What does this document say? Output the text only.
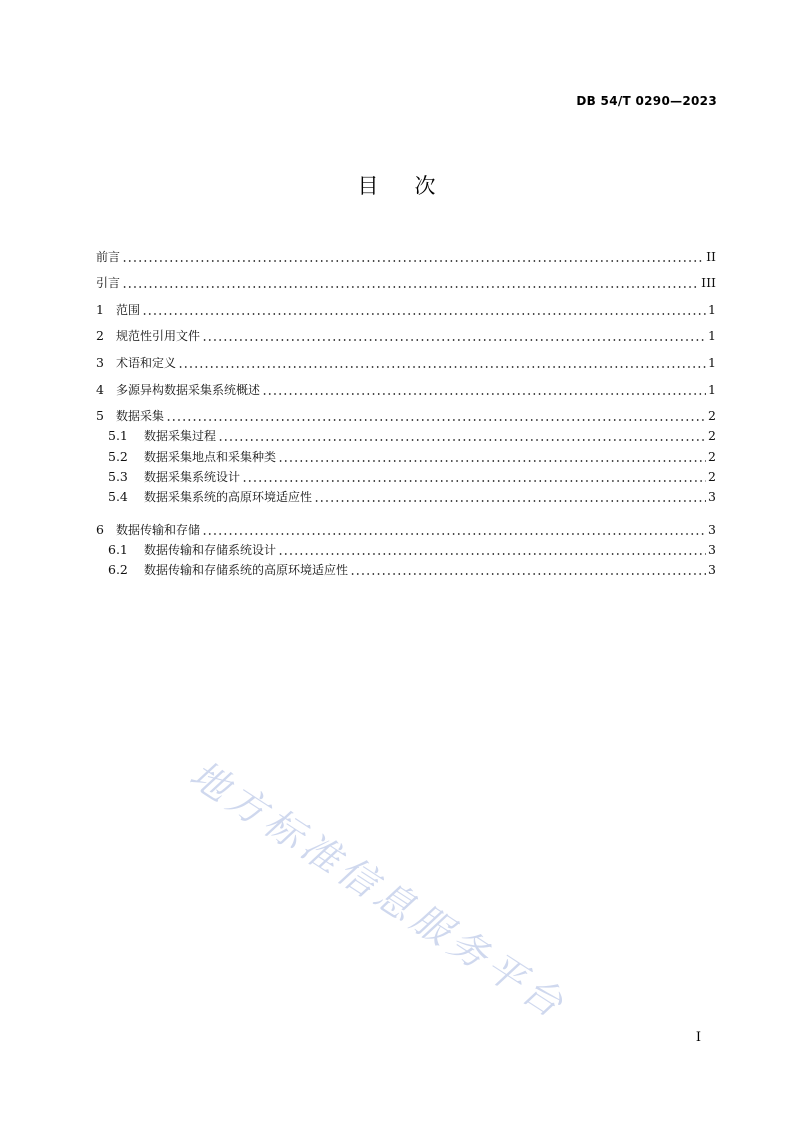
DB 54/T 0290—2023
目次
前言	II
引言	III
1	范围	1
2	规范性引用文件	1
3	术语和定义	1
4	多源异构数据采集系统概述	1
5	数据采集	2
5.1	数据采集过程	2
5.2	数据采集地点和采集种类	2
5.3	数据采集系统设计	2
5.4	数据采集系统的高原环境适应性	3
6	数据传输和存储	3
6.1	数据传输和存储系统设计	3
6.2	数据传输和存储系统的高原环境适应性	3
地方标准信息服务平台
I
